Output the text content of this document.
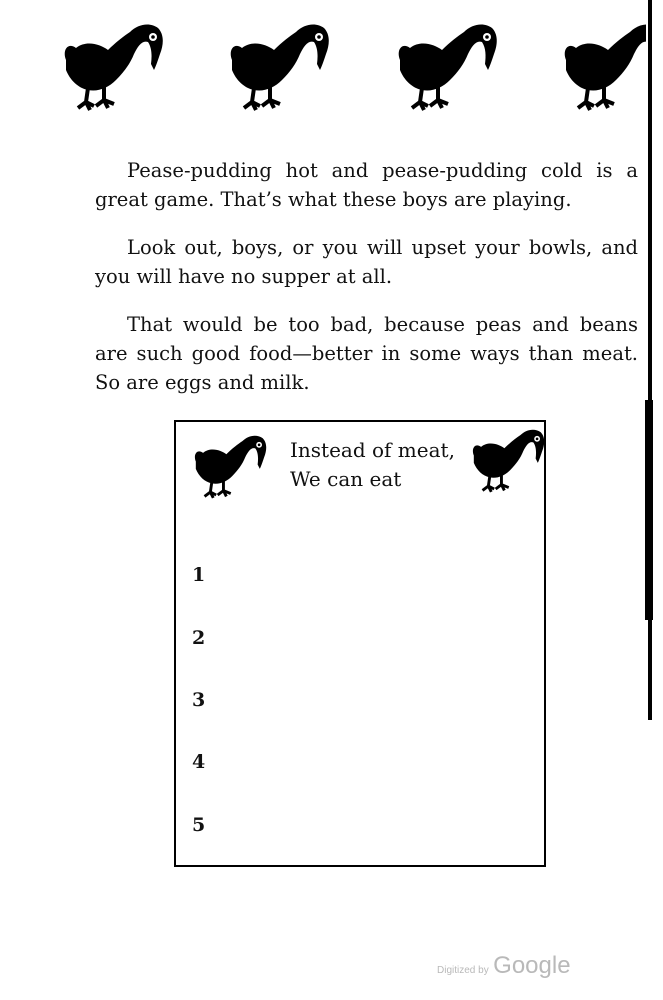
Pease-pudding hot and pease-pudding cold is a great game. That’s what these boys are playing.

Look out, boys, or you will upset your bowls, and you will have no supper at all.

That would be too bad, because peas and beans are such good food—better in some ways than meat. So are eggs and milk.

Instead of meat,
We can eat
1
2
3
4
5
Digitized by Google
